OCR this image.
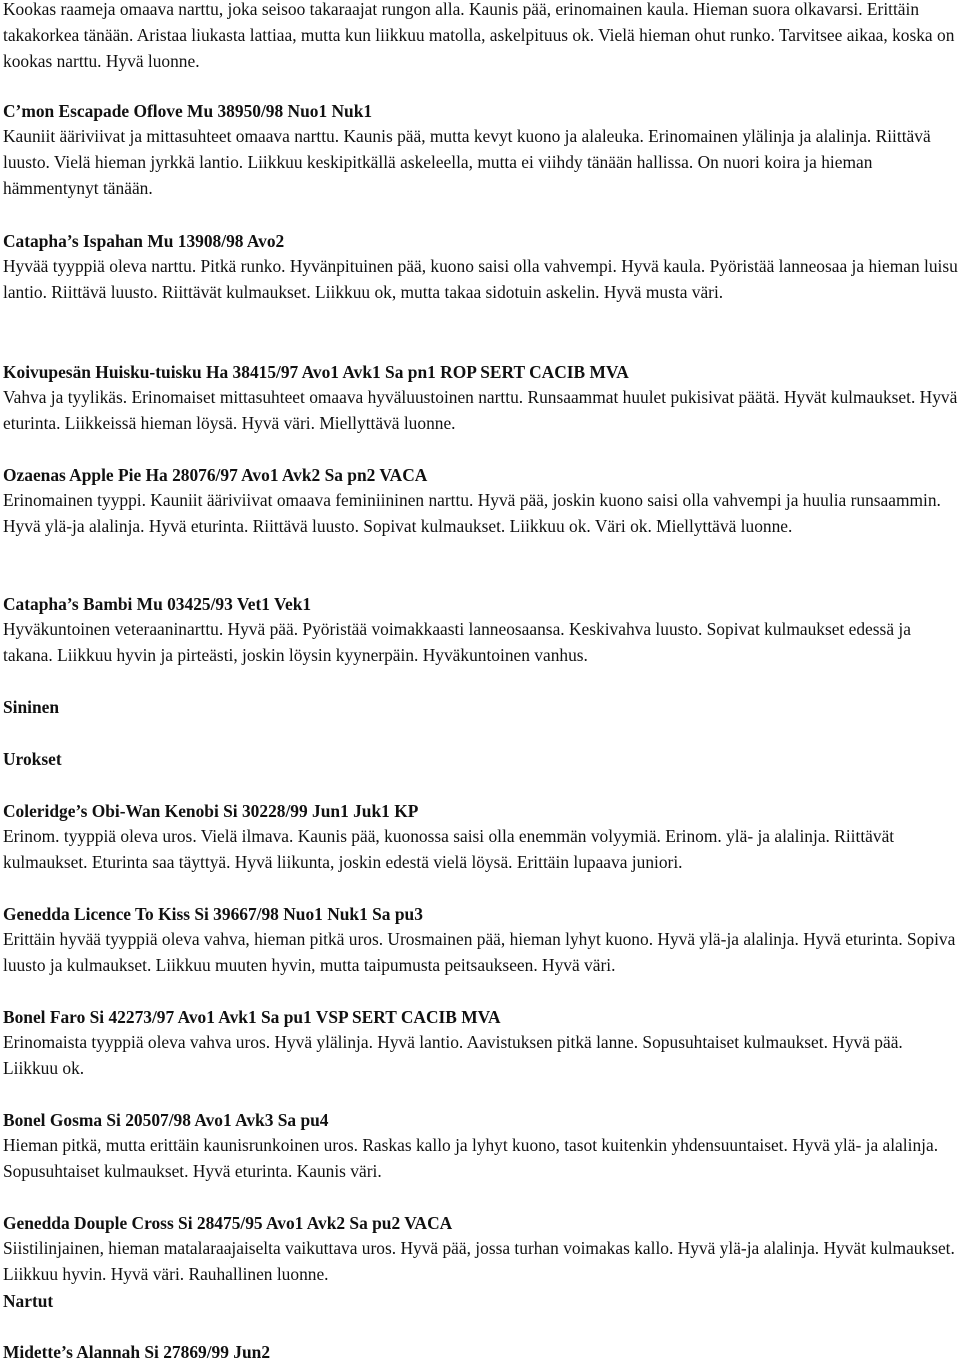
Kookas raameja omaava narttu, joka seisoo takaraajat rungon alla. Kaunis pää, erinomainen kaula. Hieman suora olkavarsi. Erittäin takakorkea tänään. Aristaa liukasta lattiaa, mutta kun liikkuu matolla, askelpituus ok. Vielä hieman ohut runko. Tarvitsee aikaa, koska on kookas narttu. Hyvä luonne.

C’mon Escapade Oflove Mu 38950/98 Nuo1 Nuk1

Kauniit ääriviivat ja mittasuhteet omaava narttu. Kaunis pää, mutta kevyt kuono ja alaleuka. Erinomainen ylälinja ja alalinja. Riittävä luusto. Vielä hieman jyrkkä lantio. Liikkuu keskipitkällä askeleella, mutta ei viihdy tänään hallissa. On nuori koira ja hieman hämmentynyt tänään.

Catapha’s Ispahan Mu 13908/98 Avo2

Hyvää tyyppiä oleva narttu. Pitkä runko. Hyvänpituinen pää, kuono saisi olla vahvempi. Hyvä kaula. Pyöristää lanneosaa ja hieman luisu lantio. Riittävä luusto. Riittävät kulmaukset. Liikkuu ok, mutta takaa sidotuin askelin. Hyvä musta väri.

Koivupesän Huisku-tuisku Ha 38415/97 Avo1 Avk1 Sa pn1 ROP SERT CACIB MVA

Vahva ja tyylikäs. Erinomaiset mittasuhteet omaava hyväluustoinen narttu. Runsaammat huulet pukisivat päätä. Hyvät kulmaukset. Hyvä eturinta. Liikkeissä hieman löysä. Hyvä väri. Miellyttävä luonne.

Ozaenas Apple Pie Ha 28076/97 Avo1 Avk2 Sa pn2 VACA

Erinomainen tyyppi. Kauniit ääriviivat omaava feminiininen narttu. Hyvä pää, joskin kuono saisi olla vahvempi ja huulia runsaammin. Hyvä ylä-ja alalinja. Hyvä eturinta. Riittävä luusto. Sopivat kulmaukset. Liikkuu ok. Väri ok. Miellyttävä luonne.

Catapha’s Bambi Mu 03425/93 Vet1 Vek1

Hyväkuntoinen veteraaninarttu. Hyvä pää. Pyöristää voimakkaasti lanneosaansa. Keskivahva luusto. Sopivat kulmaukset edessä ja takana. Liikkuu hyvin ja pirteästi, joskin löysin kyynerpäin. Hyväkuntoinen vanhus.

Sininen
Urokset
Coleridge’s Obi-Wan Kenobi Si 30228/99 Jun1 Juk1 KP

Erinom. tyyppiä oleva uros. Vielä ilmava. Kaunis pää, kuonossa saisi olla enemmän volyymiä. Erinom. ylä- ja alalinja. Riittävät kulmaukset. Eturinta saa täyttyä. Hyvä liikunta, joskin edestä vielä löysä. Erittäin lupaava juniori.

Genedda Licence To Kiss Si 39667/98 Nuo1 Nuk1 Sa pu3

Erittäin hyvää tyyppiä oleva vahva, hieman pitkä uros. Urosmainen pää, hieman lyhyt kuono. Hyvä ylä-ja alalinja. Hyvä eturinta. Sopiva luusto ja kulmaukset. Liikkuu muuten hyvin, mutta taipumusta peitsaukseen. Hyvä väri.

Bonel Faro Si 42273/97 Avo1 Avk1 Sa pu1 VSP SERT CACIB MVA

Erinomaista tyyppiä oleva vahva uros. Hyvä ylälinja. Hyvä lantio. Aavistuksen pitkä lanne. Sopusuhtaiset kulmaukset. Hyvä pää. Liikkuu ok.

Bonel Gosma Si 20507/98 Avo1 Avk3 Sa pu4

Hieman pitkä, mutta erittäin kaunisrunkoinen uros. Raskas kallo ja lyhyt kuono, tasot kuitenkin yhdensuuntaiset. Hyvä ylä- ja alalinja. Sopusuhtaiset kulmaukset. Hyvä eturinta. Kaunis väri.

Genedda Douple Cross Si 28475/95 Avo1 Avk2 Sa pu2 VACA

Siistilinjainen, hieman matalaraajaiselta vaikuttava uros. Hyvä pää, jossa turhan voimakas kallo. Hyvä ylä-ja alalinja. Hyvät kulmaukset. Liikkuu hyvin. Hyvä väri. Rauhallinen luonne.

Nartut
Midette’s Alannah Si 27869/99 Jun2
